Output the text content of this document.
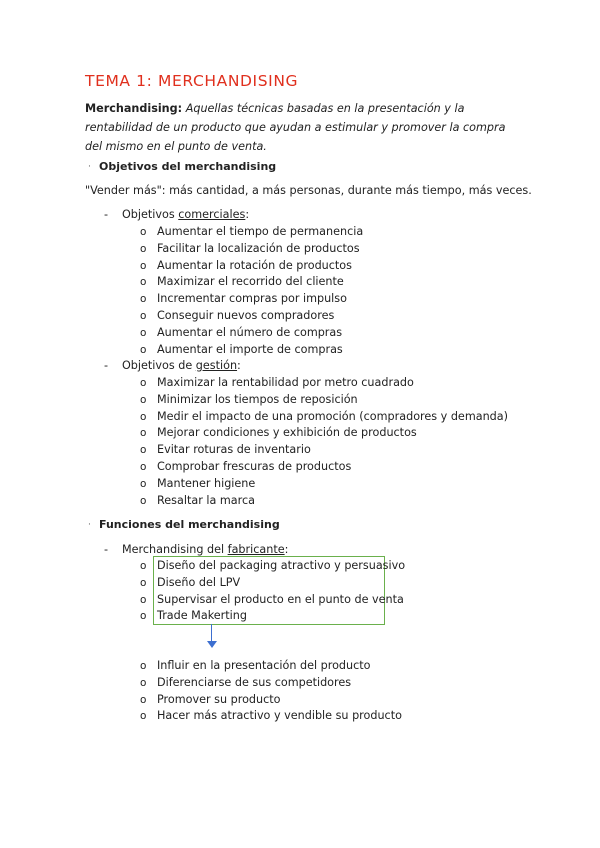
TEMA 1: MERCHANDISING
Merchandising: Aquellas técnicas basadas en la presentación y la rentabilidad de un producto que ayudan a estimular y promover la compra del mismo en el punto de venta.
· Objetivos del merchandising
"Vender más": más cantidad, a más personas, durante más tiempo, más veces.
- Objetivos comerciales:
o Aumentar el tiempo de permanencia
o Facilitar la localización de productos
o Aumentar la rotación de productos
o Maximizar el recorrido del cliente
o Incrementar compras por impulso
o Conseguir nuevos compradores
o Aumentar el número de compras
o Aumentar el importe de compras
- Objetivos de gestión:
o Maximizar la rentabilidad por metro cuadrado
o Minimizar los tiempos de reposición
o Medir el impacto de una promoción (compradores y demanda)
o Mejorar condiciones y exhibición de productos
o Evitar roturas de inventario
o Comprobar frescuras de productos
o Mantener higiene
o Resaltar la marca
· Funciones del merchandising
- Merchandising del fabricante:
o Diseño del packaging atractivo y persuasivo
o Diseño del LPV
o Supervisar el producto en el punto de venta
o Trade Makerting
o Influir en la presentación del producto
o Diferenciarse de sus competidores
o Promover su producto
o Hacer más atractivo y vendible su producto
